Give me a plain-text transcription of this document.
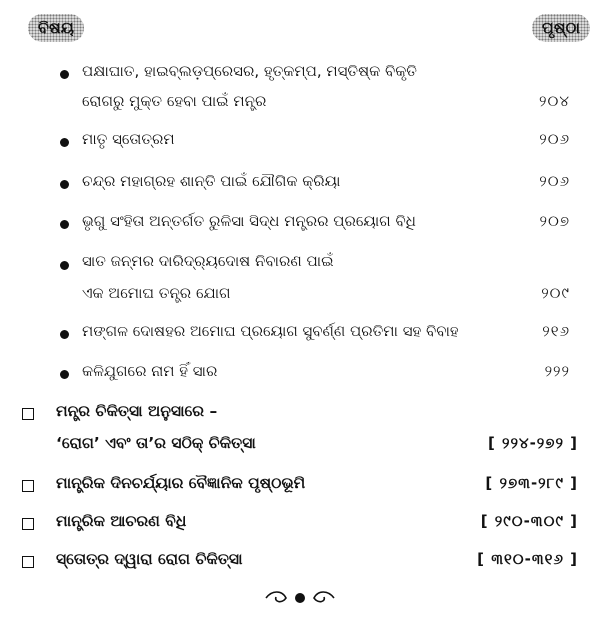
ବିଷୟ	ପୃଷ୍ଠା
ପକ୍ଷାଘାତ, ହାଇବ୍ଲଡ଼ପ୍ରେସର, ହୃତ୍‌କମ୍ପ, ମସ୍ତିଷ୍କ ବିକୃତି
ରୋଗରୁ ମୁକ୍ତ ହେବା ପାଇଁ ମନ୍ତ୍ର	୨୦୪
ମାତୃ ସ୍ତୋତ୍ରମ	୨୦୬
ଚନ୍ଦ୍ର ମହାଗ୍ରହ ଶାନ୍ତି ପାଇଁ ଯୌଗିକ କ୍ରିୟା	୨୦୬
ଭୃଗୁ ସଂହିତା ଅନ୍ତର୍ଗତ ରୁଳିସା ସିଦ୍ଧ ମନ୍ତ୍ରର ପ୍ରୟୋଗ ବିଧି	୨୦୭
ସାତ ଜନ୍ମର ଦାରିଦ୍ର୍ୟଦୋଷ ନିବାରଣ ପାଇଁ
ଏକ ଅମୋଘ ତନ୍ତ୍ର ଯୋଗ	୨୦୯
ମଙ୍ଗଳ ଦୋଷହର ଅମୋଘ ପ୍ରୟୋଗ ସୁବର୍ଣ୍ଣ ପ୍ରତିମା ସହ ବିବାହ	୨୧୬
କଳିଯୁଗରେ ନାମ ହିଁ ସାର	୨୨୨
ମନ୍ତ୍ର ଚିକିତ୍ସା ଅନୁସାରେ –
‘ରୋଗ’ ଏବଂ ତା’ର ସଠିକ୍ ଚିକିତ୍ସା	[ ୨୨୪-୨୭୨ ]
ମାନ୍ତ୍ରିକ ଦିନଚର୍ଯ୍ୟାର ବୈଜ୍ଞାନିକ ପୃଷ୍ଠଭୂମି	[ ୨୭୩-୨୮୯ ]
ମାନ୍ତ୍ରିକ ଆଚରଣ ବିଧି	[ ୨୯୦-୩୦୯ ]
ସ୍ତୋତ୍ର ଦ୍ୱାରା ରୋଗ ଚିକିତ୍ସା	[ ୩୧୦-୩୧୬ ]
